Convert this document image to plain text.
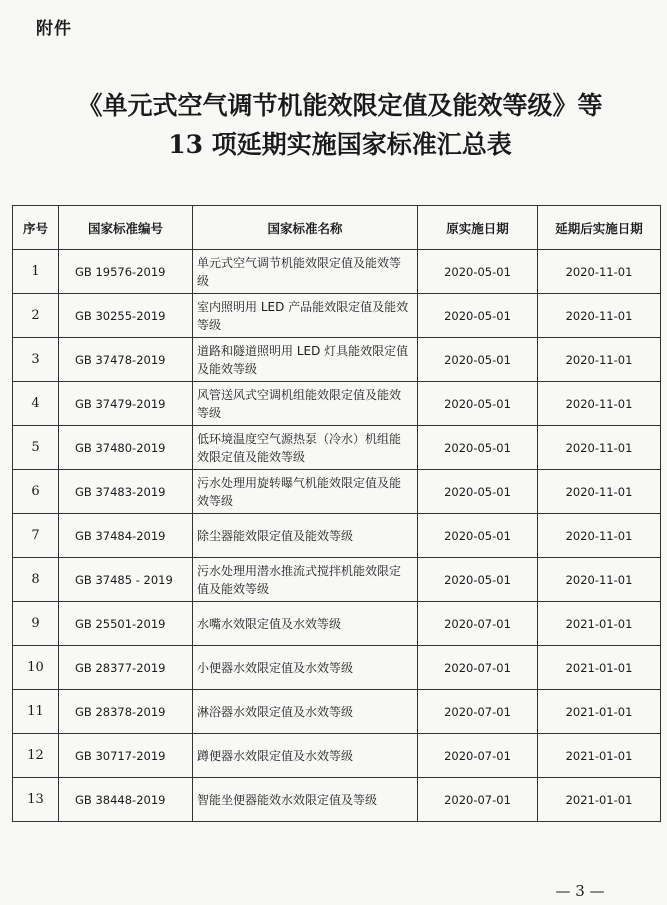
附件
《单元式空气调节机能效限定值及能效等级》等
13 项延期实施国家标准汇总表
序号	国家标准编号	国家标准名称	原实施日期	延期后实施日期
1	GB 19576-2019	单元式空气调节机能效限定值及能效等级	2020-05-01	2020-11-01
2	GB 30255-2019	室内照明用 LED 产品能效限定值及能效等级	2020-05-01	2020-11-01
3	GB 37478-2019	道路和隧道照明用 LED 灯具能效限定值及能效等级	2020-05-01	2020-11-01
4	GB 37479-2019	风管送风式空调机组能效限定值及能效等级	2020-05-01	2020-11-01
5	GB 37480-2019	低环境温度空气源热泵（冷水）机组能效限定值及能效等级	2020-05-01	2020-11-01
6	GB 37483-2019	污水处理用旋转曝气机能效限定值及能效等级	2020-05-01	2020-11-01
7	GB 37484-2019	除尘器能效限定值及能效等级	2020-05-01	2020-11-01
8	GB 37485 - 2019	污水处理用潜水推流式搅拌机能效限定值及能效等级	2020-05-01	2020-11-01
9	GB 25501-2019	水嘴水效限定值及水效等级	2020-07-01	2021-01-01
10	GB 28377-2019	小便器水效限定值及水效等级	2020-07-01	2021-01-01
11	GB 28378-2019	淋浴器水效限定值及水效等级	2020-07-01	2021-01-01
12	GB 30717-2019	蹲便器水效限定值及水效等级	2020-07-01	2021-01-01
13	GB 38448-2019	智能坐便器能效水效限定值及等级	2020-07-01	2021-01-01
— 3 —
